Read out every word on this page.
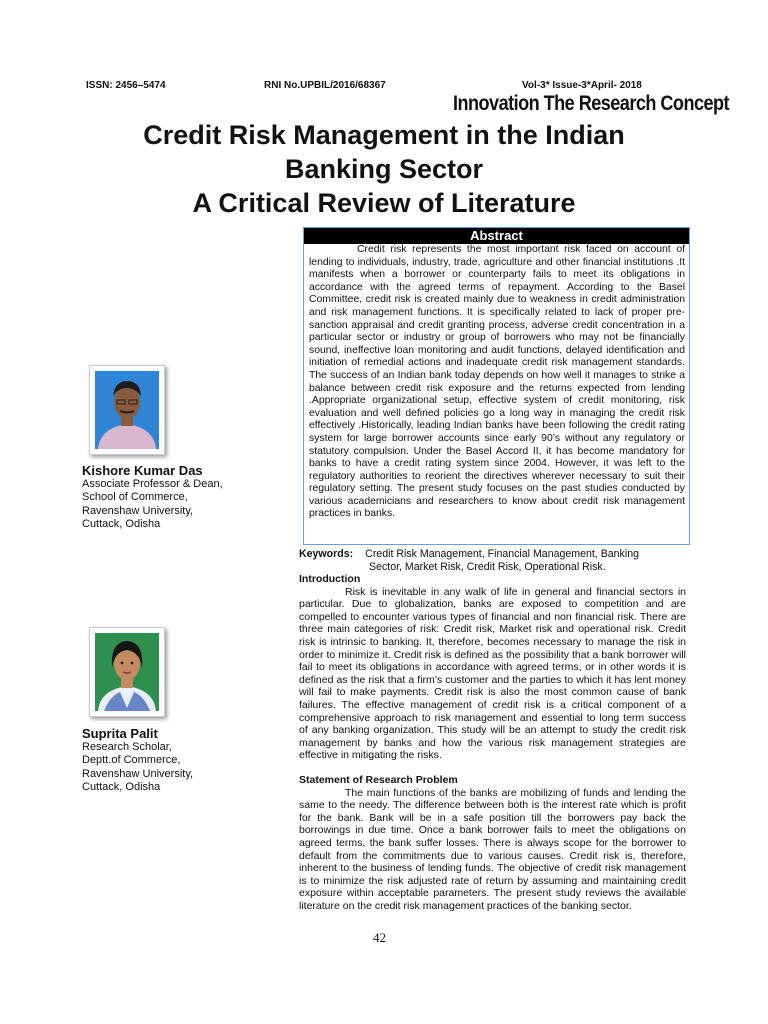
ISSN: 2456–5474	RNI No.UPBIL/2016/68367	Vol-3* Issue-3*April- 2018
Innovation The Research Concept
Credit Risk Management in the Indian
Banking Sector
A Critical Review of Literature
Abstract
Credit risk represents the most important risk faced on account of lending to individuals, industry, trade, agriculture and other financial institutions .It manifests when a borrower or counterparty fails to meet its obligations in accordance with the agreed terms of repayment. According to the Basel Committee, credit risk is created mainly due to weakness in credit administration and risk management functions. It is specifically related to lack of proper pre-sanction appraisal and credit granting process, adverse credit concentration in a particular sector or industry or group of borrowers who may not be financially sound, ineffective loan monitoring and audit functions, delayed identification and initiation of remedial actions and inadequate credit risk management standards. The success of an Indian bank today depends on how well it manages to strike a balance between credit risk exposure and the returns expected from lending .Appropriate organizational setup, effective system of credit monitoring, risk evaluation and well defined policies go a long way in managing the credit risk effectively .Historically, leading Indian banks have been following the credit rating system for large borrower accounts since early 90’s without any regulatory or statutory compulsion. Under the Basel Accord II, it has become mandatory for banks to have a credit rating system since 2004. However, it was left to the regulatory authorities to reorient the directives wherever necessary to suit their regulatory setting. The present study focuses on the past studies conducted by various academicians and researchers to know about credit risk management practices in banks.
Keywords:	Credit Risk Management, Financial Management, Banking
Sector, Market Risk, Credit Risk, Operational Risk.
Introduction

Risk is inevitable in any walk of life in general and financial sectors in particular. Due to globalization, banks are exposed to competition and are compelled to encounter various types of financial and non financial risk. There are three main categories of risk: Credit risk, Market risk and operational risk. Credit risk is intrinsic to banking. It, therefore, becomes necessary to manage the risk in order to minimize it. Credit risk is defined as the possibility that a bank borrower will fail to meet its obligations in accordance with agreed terms, or in other words it is defined as the risk that a firm’s customer and the parties to which it has lent money will fail to make payments. Credit risk is also the most common cause of bank failures. The effective management of credit risk is a critical component of a comprehensive approach to risk management and essential to long term success of any banking organization. This study will be an attempt to study the credit risk management by banks and how the various risk management strategies are effective in mitigating the risks.

Statement of Research Problem

The main functions of the banks are mobilizing of funds and lending the same to the needy. The difference between both is the interest rate which is profit for the bank. Bank will be in a safe position till the borrowers pay back the borrowings in due time. Once a bank borrower fails to meet the obligations on agreed terms, the bank suffer losses. There is always scope for the borrower to default from the commitments due to various causes. Credit risk is, therefore, inherent to the business of lending funds. The objective of credit risk management is to minimize the risk adjusted rate of return by assuming and maintaining credit exposure within acceptable parameters. The present study reviews the available literature on the credit risk management practices of the banking sector.

Kishore Kumar Das
Associate Professor & Dean,
School of Commerce,
Ravenshaw University,
Cuttack, Odisha
Suprita Palit
Research Scholar,
Deptt.of Commerce,
Ravenshaw University,
Cuttack, Odisha
42
